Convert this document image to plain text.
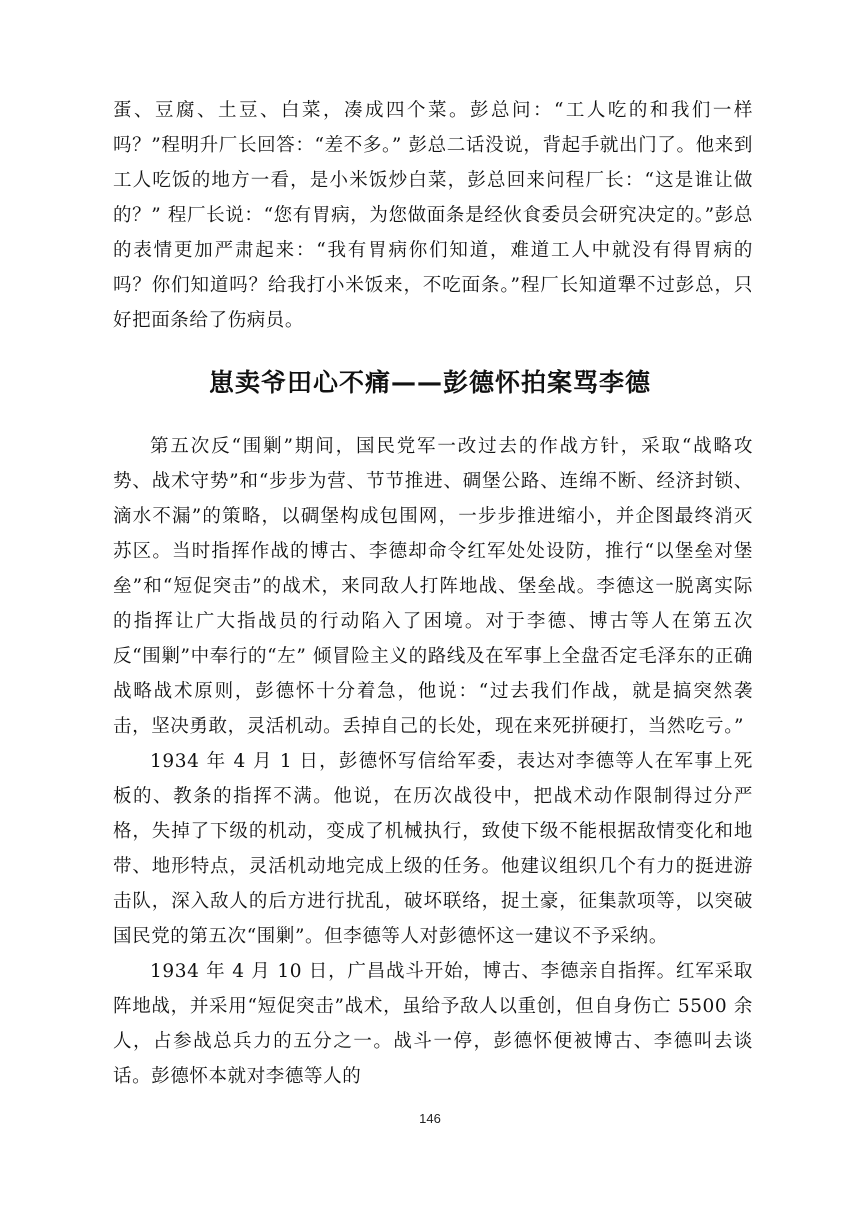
蛋、豆腐、土豆、白菜，凑成四个菜。彭总问：“工人吃的和我们一样吗？”程明升厂长回答：“差不多。” 彭总二话没说，背起手就出门了。他来到工人吃饭的地方一看，是小米饭炒白菜，彭总回来问程厂长：“这是谁让做的？” 程厂长说：“您有胃病，为您做面条是经伙食委员会研究决定的。”彭总的表情更加严肃起来：“我有胃病你们知道，难道工人中就没有得胃病的吗？你们知道吗？给我打小米饭来，不吃面条。”程厂长知道犟不过彭总，只好把面条给了伤病员。

崽卖爷田心不痛——彭德怀拍案骂李德

第五次反“围剿”期间，国民党军一改过去的作战方针，采取“战略攻势、战术守势”和“步步为营、节节推进、碉堡公路、连绵不断、经济封锁、滴水不漏”的策略，以碉堡构成包围网，一步步推进缩小，并企图最终消灭苏区。当时指挥作战的博古、李德却命令红军处处设防，推行“以堡垒对堡垒”和“短促突击”的战术，来同敌人打阵地战、堡垒战。李德这一脱离实际的指挥让广大指战员的行动陷入了困境。对于李德、博古等人在第五次反“围剿”中奉行的“左” 倾冒险主义的路线及在军事上全盘否定毛泽东的正确战略战术原则，彭德怀十分着急，他说：“过去我们作战，就是搞突然袭击，坚决勇敢，灵活机动。丢掉自己的长处，现在来死拼硬打，当然吃亏。”

1934 年 4 月 1 日，彭德怀写信给军委，表达对李德等人在军事上死板的、教条的指挥不满。他说，在历次战役中，把战术动作限制得过分严格，失掉了下级的机动，变成了机械执行，致使下级不能根据敌情变化和地带、地形特点，灵活机动地完成上级的任务。他建议组织几个有力的挺进游击队，深入敌人的后方进行扰乱，破坏联络，捉土豪，征集款项等，以突破国民党的第五次“围剿”。但李德等人对彭德怀这一建议不予采纳。

1934 年 4 月 10 日，广昌战斗开始，博古、李德亲自指挥。红军采取阵地战，并采用“短促突击”战术，虽给予敌人以重创，但自身伤亡 5500 余人，占参战总兵力的五分之一。战斗一停，彭德怀便被博古、李德叫去谈话。彭德怀本就对李德等人的

146
